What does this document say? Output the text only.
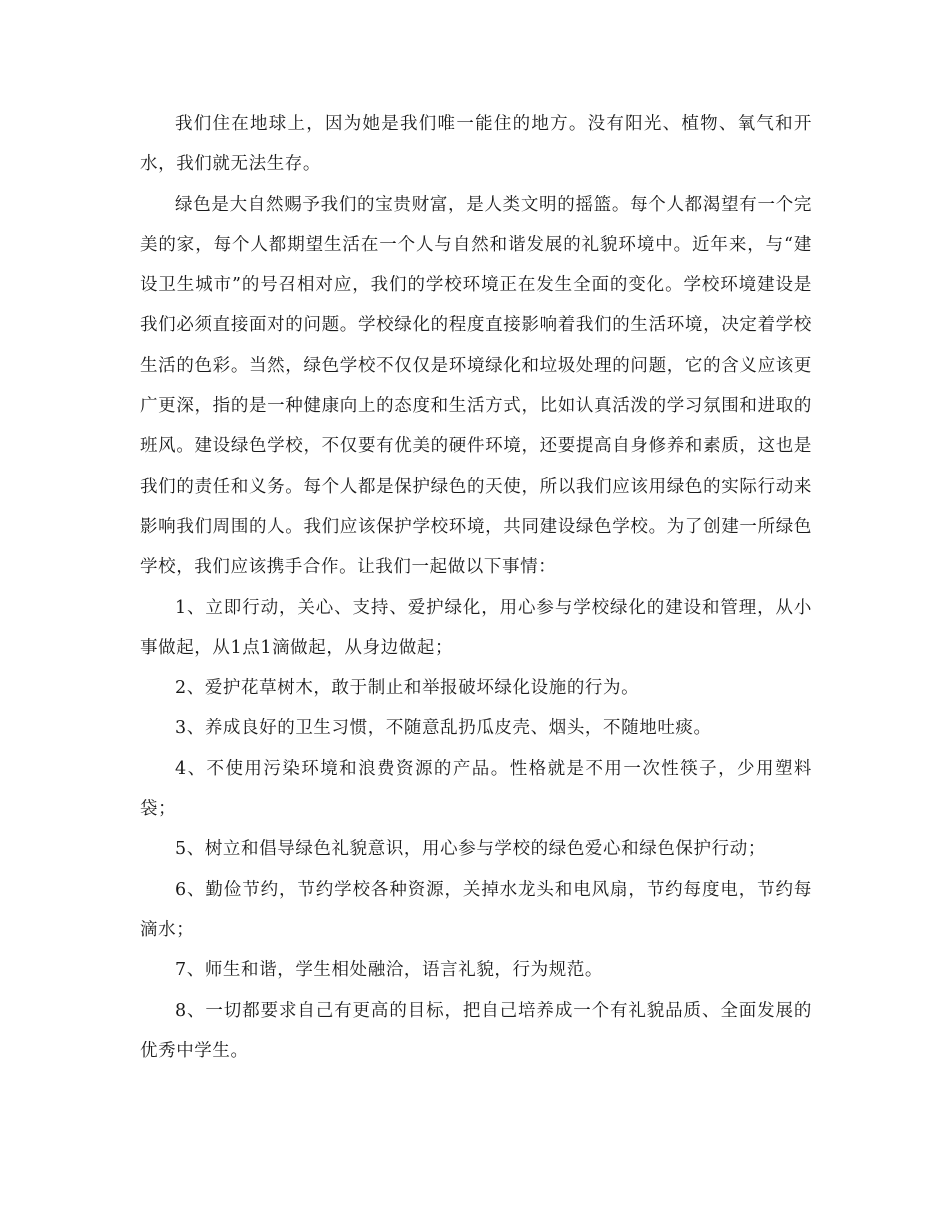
我们住在地球上，因为她是我们唯一能住的地方。没有阳光、植物、氧气和开水，我们就无法生存。

绿色是大自然赐予我们的宝贵财富，是人类文明的摇篮。每个人都渴望有一个完美的家，每个人都期望生活在一个人与自然和谐发展的礼貌环境中。近年来，与“建设卫生城市”的号召相对应，我们的学校环境正在发生全面的变化。学校环境建设是我们必须直接面对的问题。学校绿化的程度直接影响着我们的生活环境，决定着学校生活的色彩。当然，绿色学校不仅仅是环境绿化和垃圾处理的问题，它的含义应该更广更深，指的是一种健康向上的态度和生活方式，比如认真活泼的学习氛围和进取的班风。建设绿色学校，不仅要有优美的硬件环境，还要提高自身修养和素质，这也是我们的责任和义务。每个人都是保护绿色的天使，所以我们应该用绿色的实际行动来影响我们周围的人。我们应该保护学校环境，共同建设绿色学校。为了创建一所绿色学校，我们应该携手合作。让我们一起做以下事情：

1、立即行动，关心、支持、爱护绿化，用心参与学校绿化的建设和管理，从小事做起，从1点1滴做起，从身边做起；

2、爱护花草树木，敢于制止和举报破坏绿化设施的行为。

3、养成良好的卫生习惯，不随意乱扔瓜皮壳、烟头，不随地吐痰。

4、不使用污染环境和浪费资源的产品。性格就是不用一次性筷子，少用塑料袋；

5、树立和倡导绿色礼貌意识，用心参与学校的绿色爱心和绿色保护行动；

6、勤俭节约，节约学校各种资源，关掉水龙头和电风扇，节约每度电，节约每滴水；

7、师生和谐，学生相处融洽，语言礼貌，行为规范。

8、一切都要求自己有更高的目标，把自己培养成一个有礼貌品质、全面发展的优秀中学生。
